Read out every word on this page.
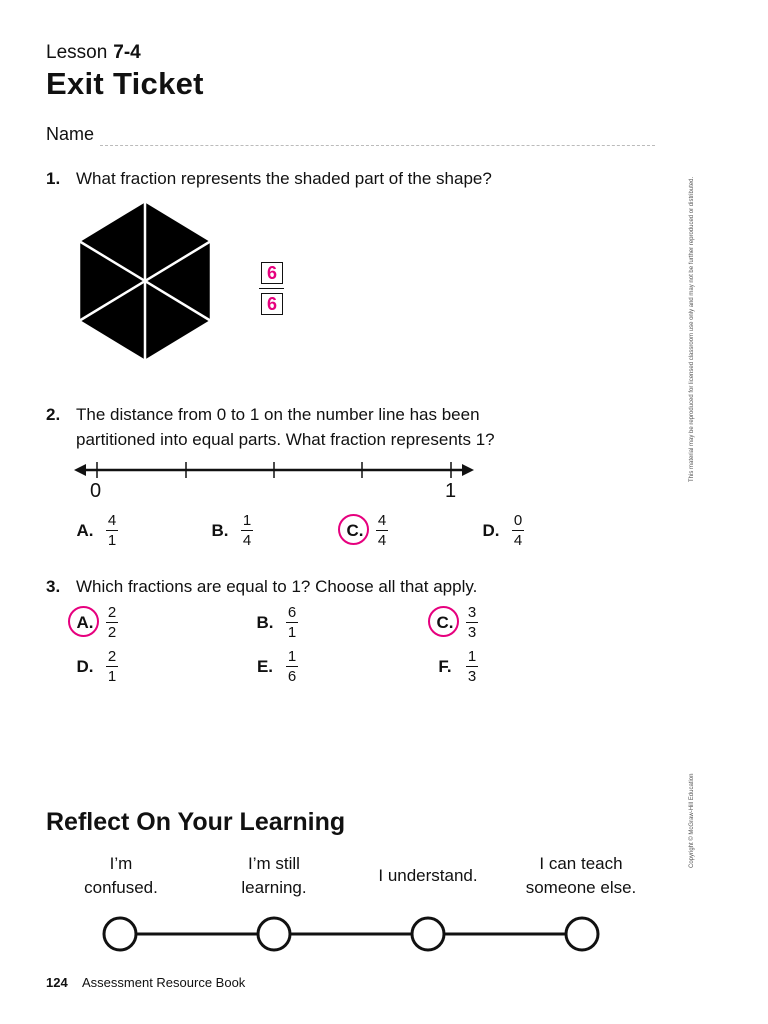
Lesson 7-4
Exit Ticket
Name
1. What fraction represents the shaded part of the shape?
$\frac{6}{6}$
2. The distance from 0 to 1 on the number line has been
partitioned into equal parts. What fraction represents 1?
0	1
A. $\frac{4}{1}$	B. $\frac{1}{4}$	C. $\frac{4}{4}$	D. $\frac{0}{4}$
3. Which fractions are equal to 1? Choose all that apply.
A. $\frac{2}{2}$	B. $\frac{6}{1}$	C. $\frac{3}{3}$
D. $\frac{2}{1}$	E. $\frac{1}{6}$	F. $\frac{1}{3}$
Reflect On Your Learning
I’m
confused.
I’m still
learning.
I understand.
I can teach
someone else.
124 Assessment Resource Book
This material may be reproduced for licensed classroom use only and may not be further reproduced or distributed.
Copyright © McGraw-Hill Education
